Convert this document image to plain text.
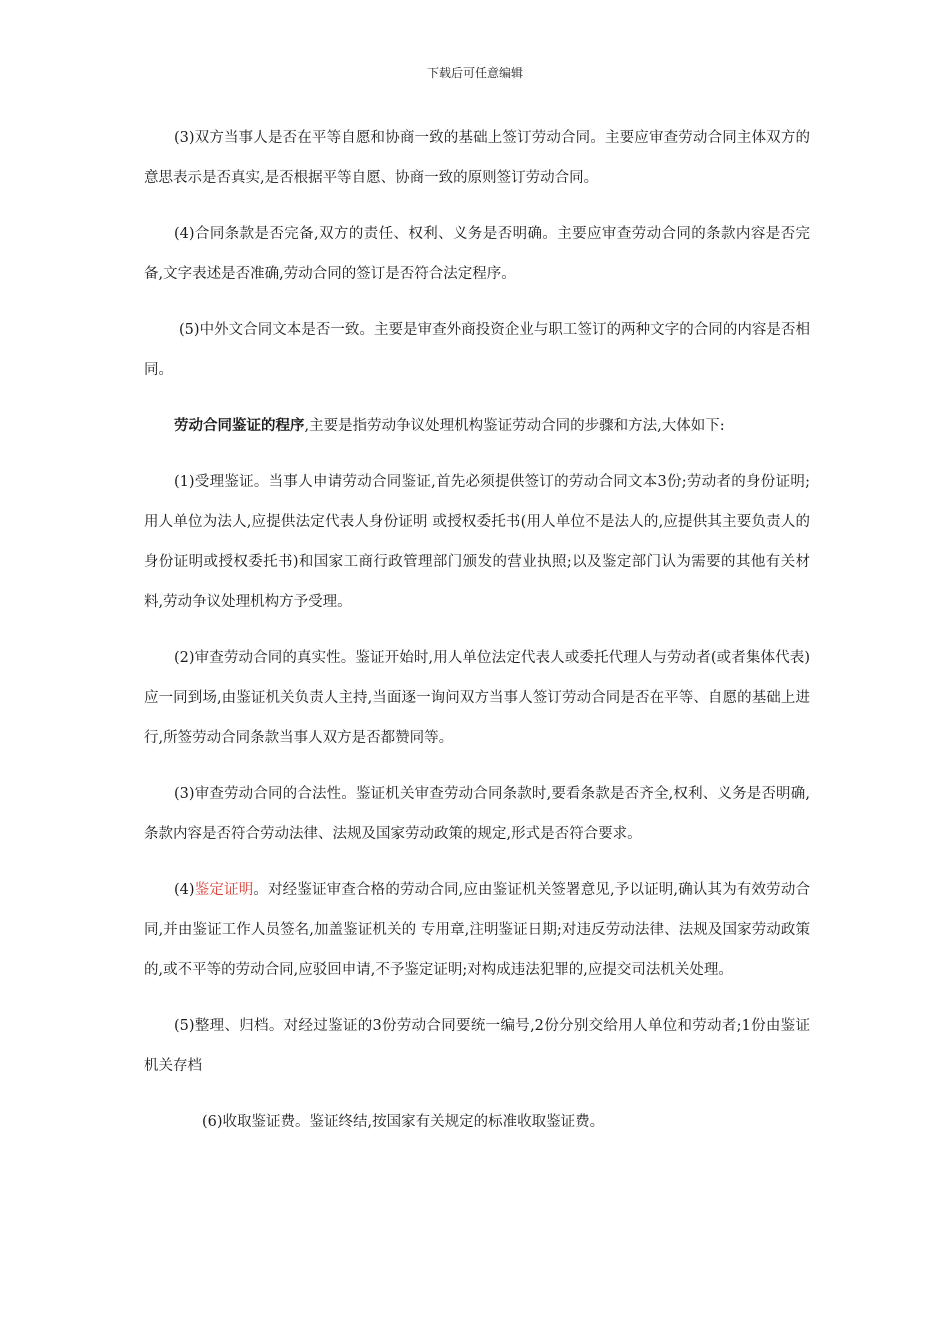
下载后可任意编辑

(3)双方当事人是否在平等自愿和协商一致的基础上签订劳动合同。主要应审查劳动合同主体双方的意思表示是否真实,是否根据平等自愿、协商一致的原则签订劳动合同。

(4)合同条款是否完备,双方的责任、权利、义务是否明确。主要应审查劳动合同的条款内容是否完备,文字表述是否准确,劳动合同的签订是否符合法定程序。

(5)中外文合同文本是否一致。主要是审查外商投资企业与职工签订的两种文字的合同的内容是否相同。

劳动合同鉴证的程序,主要是指劳动争议处理机构鉴证劳动合同的步骤和方法,大体如下:

(1)受理鉴证。当事人申请劳动合同鉴证,首先必须提供签订的劳动合同文本3份;劳动者的身份证明;用人单位为法人,应提供法定代表人身份证明 或授权委托书(用人单位不是法人的,应提供其主要负责人的身份证明或授权委托书)和国家工商行政管理部门颁发的营业执照;以及鉴定部门认为需要的其他有关材料,劳动争议处理机构方予受理。

(2)审查劳动合同的真实性。鉴证开始时,用人单位法定代表人或委托代理人与劳动者(或者集体代表)应一同到场,由鉴证机关负责人主持,当面逐一询问双方当事人签订劳动合同是否在平等、自愿的基础上进行,所签劳动合同条款当事人双方是否都赞同等。

(3)审查劳动合同的合法性。鉴证机关审查劳动合同条款时,要看条款是否齐全,权利、义务是否明确,条款内容是否符合劳动法律、法规及国家劳动政策的规定,形式是否符合要求。

(4)鉴定证明。对经鉴证审查合格的劳动合同,应由鉴证机关签署意见,予以证明,确认其为有效劳动合同,并由鉴证工作人员签名,加盖鉴证机关的 专用章,注明鉴证日期;对违反劳动法律、法规及国家劳动政策的,或不平等的劳动合同,应驳回申请,不予鉴定证明;对构成违法犯罪的,应提交司法机关处理。

(5)整理、归档。对经过鉴证的3份劳动合同要统一编号,2份分别交给用人单位和劳动者;1份由鉴证机关存档

(6)收取鉴证费。鉴证终结,按国家有关规定的标准收取鉴证费。
